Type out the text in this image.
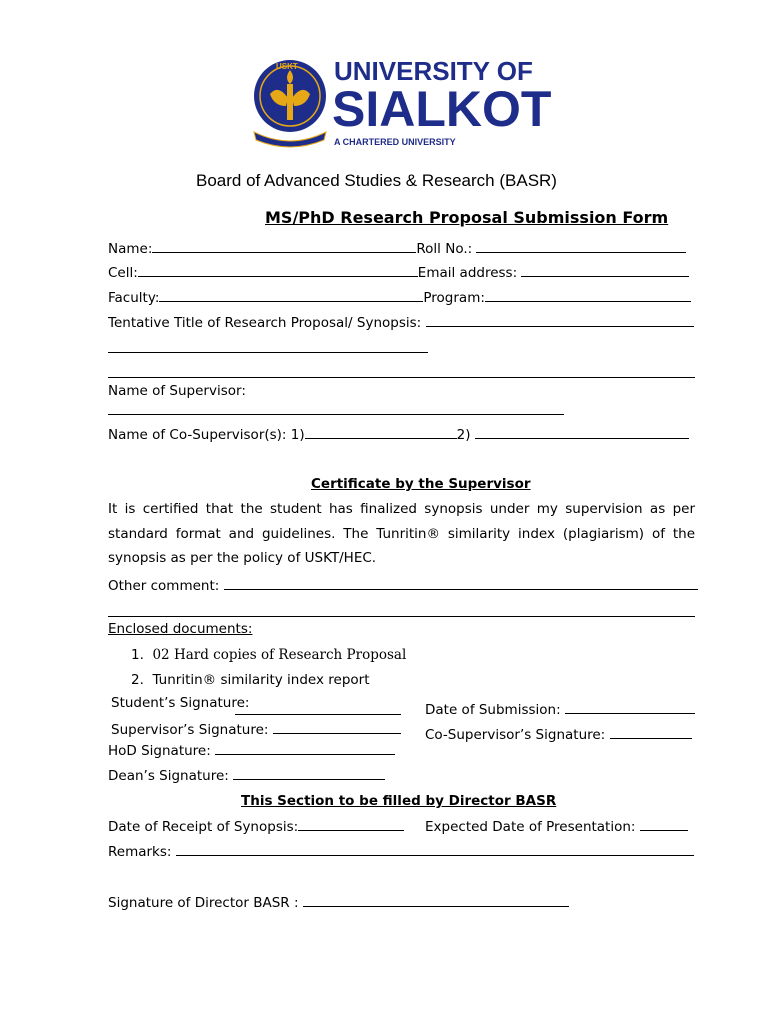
USKT UNIVERSITY OF
SIALKOT
A CHARTERED UNIVERSITY
Board of Advanced Studies & Research (BASR)
MS/PhD Research Proposal Submission Form
Name:	Roll No.:
Cell:	Email address:
Faculty:	Program:
Tentative Title of Research Proposal/ Synopsis:
Name of Supervisor:
Name of Co-Supervisor(s): 1)	2)
Certificate by the Supervisor
It is certified that the student has finalized synopsis under my supervision as per standard format and guidelines. The Tunritin® similarity index (plagiarism) of the synopsis as per the policy of USKT/HEC.
Other comment:
Enclosed documents:
1.  02 Hard copies of Research Proposal
2.  Tunritin® similarity index report
Student’s Signature:	Date of Submission:
Supervisor’s Signature:	Co-Supervisor’s Signature:
HoD Signature:
Dean’s Signature:
This Section to be filled by Director BASR
Date of Receipt of Synopsis:	Expected Date of Presentation:
Remarks:
Signature of Director BASR :
